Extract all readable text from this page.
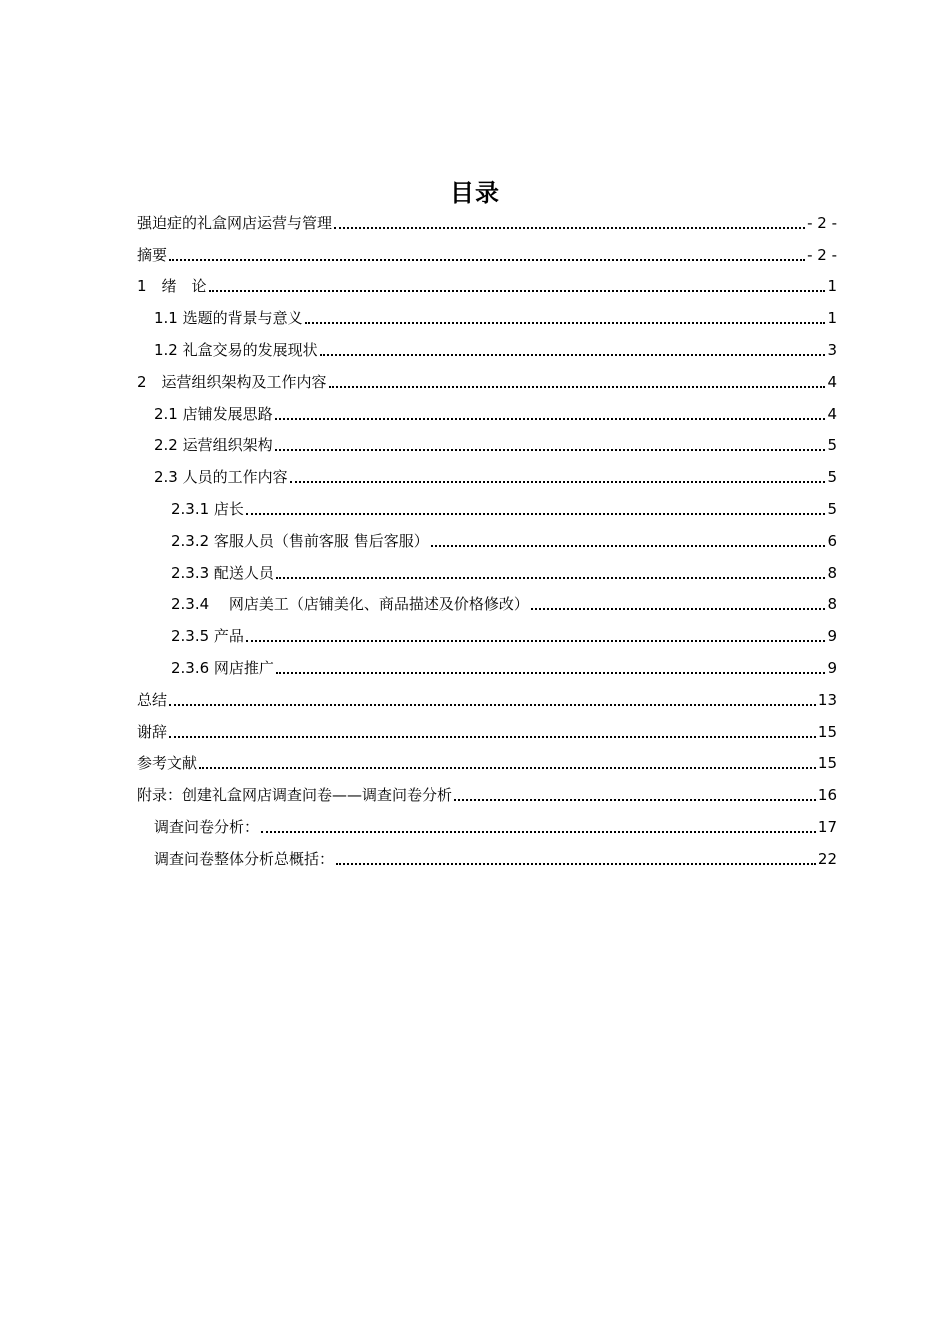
目录
强迫症的礼盒网店运营与管理	- 2 -
摘要	- 2 -
1　绪　论	1
1.1 选题的背景与意义	1
1.2 礼盒交易的发展现状	3
2　运营组织架构及工作内容	4
2.1 店铺发展思路	4
2.2 运营组织架构	5
2.3 人员的工作内容	5
2.3.1 店长	5
2.3.2 客服人员（售前客服 售后客服）	6
2.3.3 配送人员	8
2.3.4 　网店美工（店铺美化、商品描述及价格修改）	8
2.3.5 产品	9
2.3.6 网店推广	9
总结	13
谢辞	15
参考文献	15
附录：创建礼盒网店调查问卷——调查问卷分析	16
调查问卷分析：	17
调查问卷整体分析总概括：	22
